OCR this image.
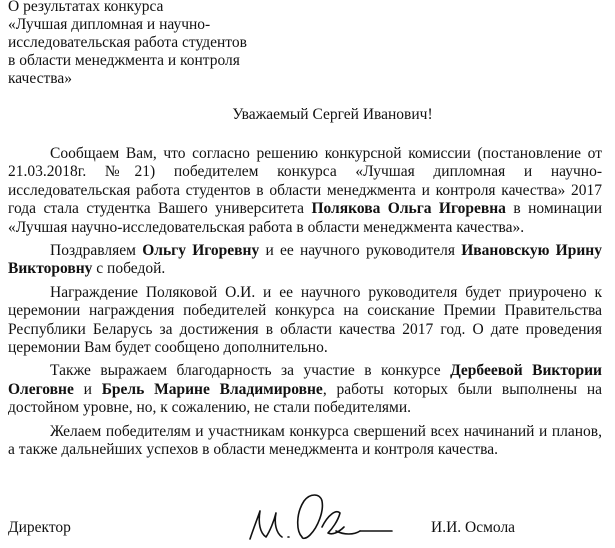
О результатах конкурса
«Лучшая дипломная и научно-
исследовательская работа студентов
в области менеджмента и контроля
качества»
Уважаемый Сергей Иванович!

Сообщаем Вам, что согласно решению конкурсной комиссии (постановление от 21.03.2018г. №21) победителем конкурса «Лучшая дипломная и научно-исследовательская работа студентов в области менеджмента и контроля качества» 2017 года стала студентка Вашего университета Полякова Ольга Игоревна в номинации «Лучшая научно-исследовательская работа в области менеджмента качества».

Поздравляем Ольгу Игоревну и ее научного руководителя Ивановскую Ирину Викторовну с победой.

Награждение Поляковой О.И. и ее научного руководителя будет приурочено к церемонии награждения победителей конкурса на соискание Премии Правительства Республики Беларусь за достижения в области качества 2017 год. О дате проведения церемонии Вам будет сообщено дополнительно.

Также выражаем благодарность за участие в конкурсе Дербеевой Виктории Олеговне и Брель Марине Владимировне, работы которых были выполнены на достойном уровне, но, к сожалению, не стали победителями.

Желаем победителям и участникам конкурса свершений всех начинаний и планов, а также дальнейших успехов в области менеджмента и контроля качества.

Директор	И.И. Осмола
